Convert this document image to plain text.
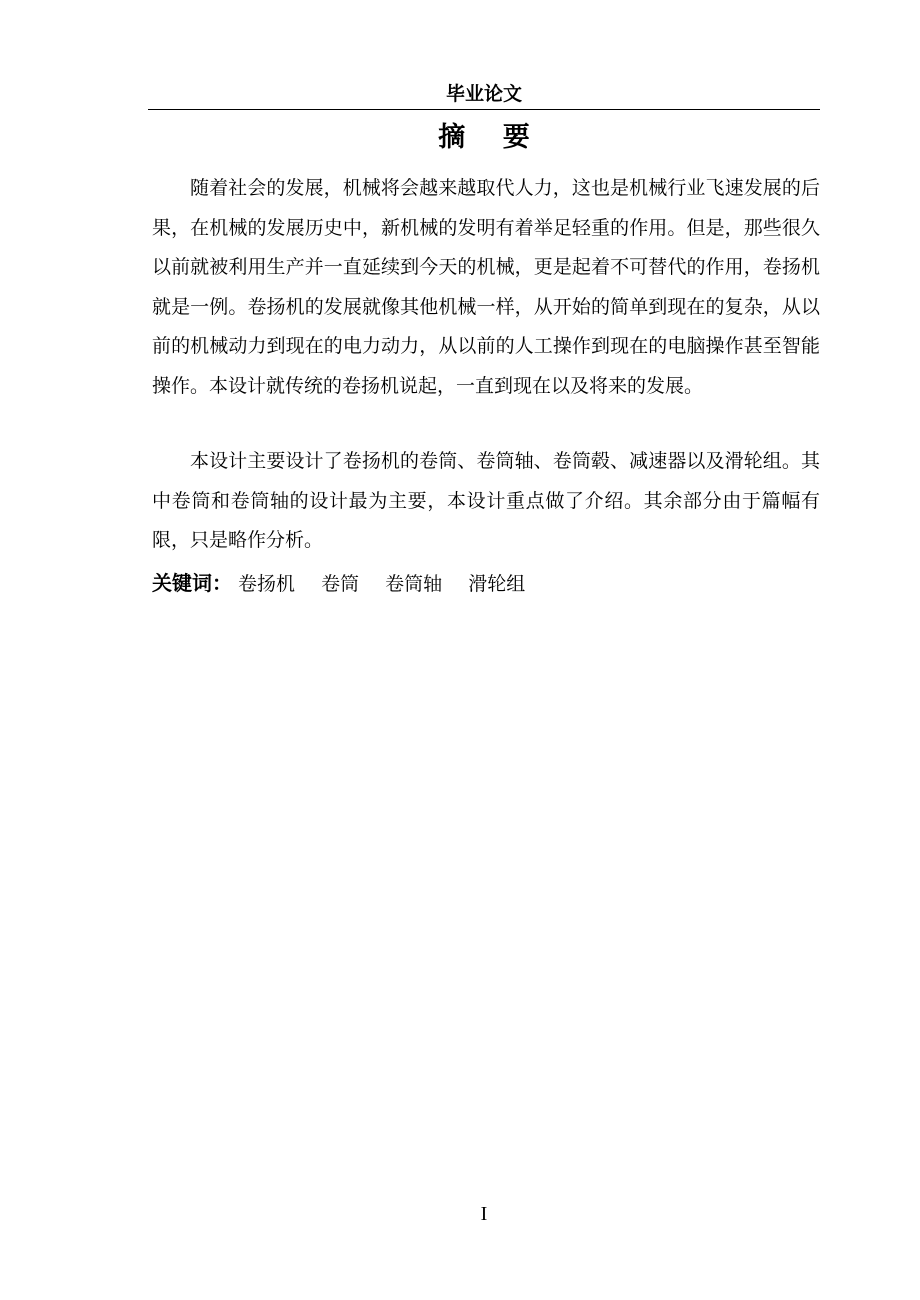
毕业论文
摘 要

随着社会的发展，机械将会越来越取代人力，这也是机械行业飞速发展的后果，在机械的发展历史中，新机械的发明有着举足轻重的作用。但是，那些很久以前就被利用生产并一直延续到今天的机械，更是起着不可替代的作用，卷扬机就是一例。卷扬机的发展就像其他机械一样，从开始的简单到现在的复杂，从以前的机械动力到现在的电力动力，从以前的人工操作到现在的电脑操作甚至智能操作。本设计就传统的卷扬机说起，一直到现在以及将来的发展。

本设计主要设计了卷扬机的卷筒、卷筒轴、卷筒毂、减速器以及滑轮组。其中卷筒和卷筒轴的设计最为主要，本设计重点做了介绍。其余部分由于篇幅有限，只是略作分析。

关键词： 卷扬机 卷筒 卷筒轴 滑轮组
I
